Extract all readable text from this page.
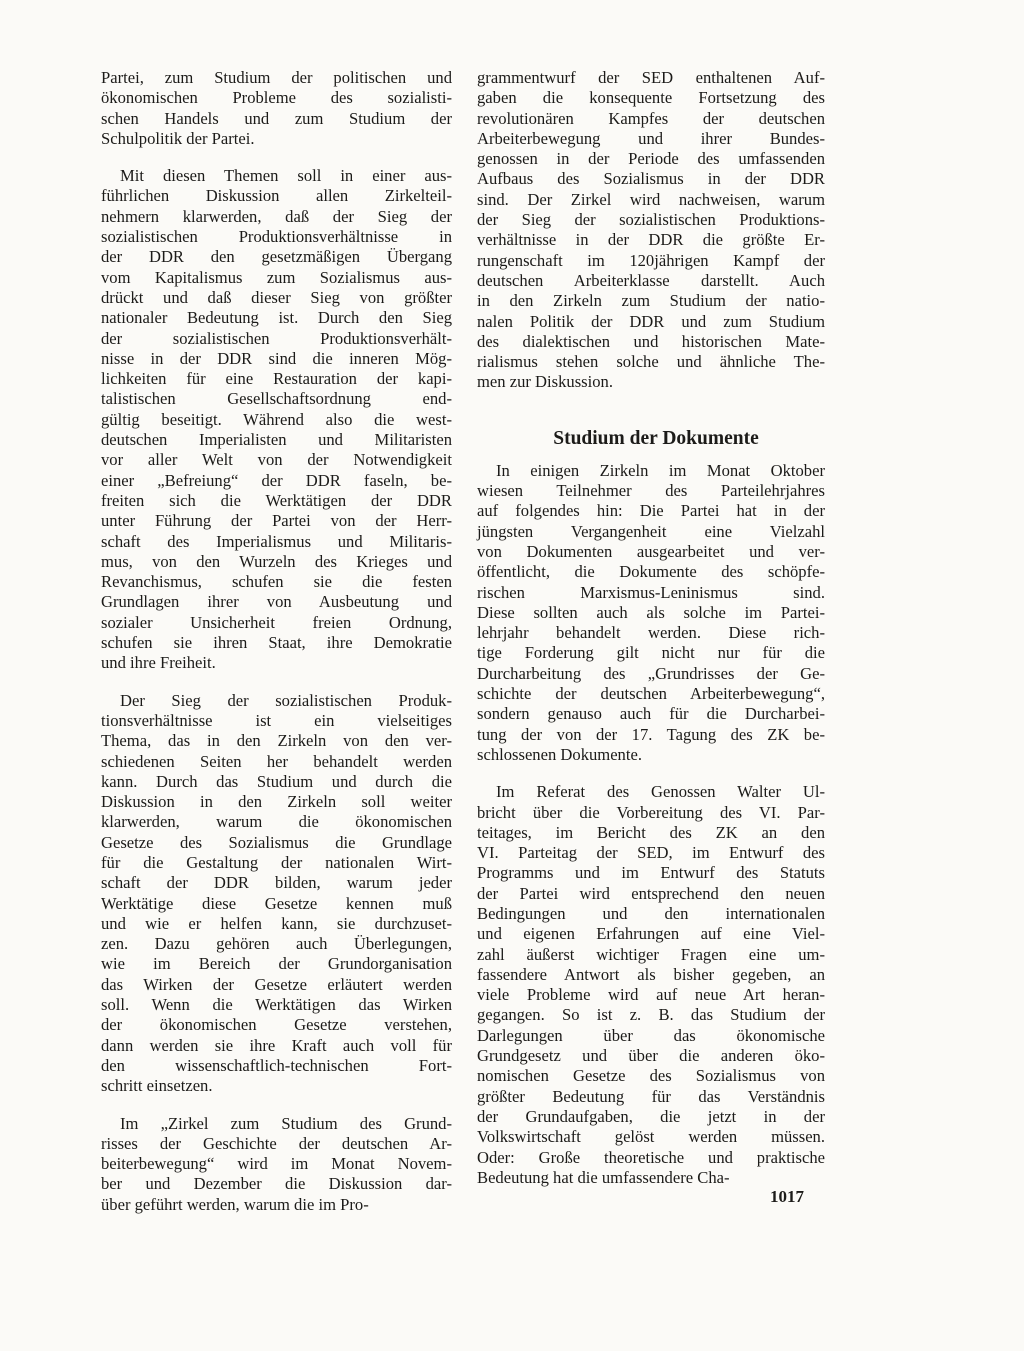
Partei, zum Studium der politischen und
ökonomischen Probleme des sozialisti-
schen Handels und zum Studium der
Schulpolitik der Partei.

Mit diesen Themen soll in einer aus-
führlichen Diskussion allen Zirkelteil-
nehmern klarwerden, daß der Sieg der
sozialistischen Produktionsverhältnisse in
der DDR den gesetzmäßigen Übergang
vom Kapitalismus zum Sozialismus aus-
drückt und daß dieser Sieg von größter
nationaler Bedeutung ist. Durch den Sieg
der sozialistischen Produktionsverhält-
nisse in der DDR sind die inneren Mög-
lichkeiten für eine Restauration der kapi-
talistischen Gesellschaftsordnung end-
gültig beseitigt. Während also die west-
deutschen Imperialisten und Militaristen
vor aller Welt von der Notwendigkeit
einer „Befreiung“ der DDR faseln, be-
freiten sich die Werktätigen der DDR
unter Führung der Partei von der Herr-
schaft des Imperialismus und Militaris-
mus, von den Wurzeln des Krieges und
Revanchismus, schufen sie die festen
Grundlagen ihrer von Ausbeutung und
sozialer Unsicherheit freien Ordnung,
schufen sie ihren Staat, ihre Demokratie
und ihre Freiheit.

Der Sieg der sozialistischen Produk-
tionsverhältnisse ist ein vielseitiges
Thema, das in den Zirkeln von den ver-
schiedenen Seiten her behandelt werden
kann. Durch das Studium und durch die
Diskussion in den Zirkeln soll weiter
klarwerden, warum die ökonomischen
Gesetze des Sozialismus die Grundlage
für die Gestaltung der nationalen Wirt-
schaft der DDR bilden, warum jeder
Werktätige diese Gesetze kennen muß
und wie er helfen kann, sie durchzuset-
zen. Dazu gehören auch Überlegungen,
wie im Bereich der Grundorganisation
das Wirken der Gesetze erläutert werden
soll. Wenn die Werktätigen das Wirken
der ökonomischen Gesetze verstehen,
dann werden sie ihre Kraft auch voll für
den wissenschaftlich-technischen Fort-
schritt einsetzen.

Im „Zirkel zum Studium des Grund-
risses der Geschichte der deutschen Ar-
beiterbewegung“ wird im Monat Novem-
ber und Dezember die Diskussion dar-
über geführt werden, warum die im Pro-

grammentwurf der SED enthaltenen Auf-
gaben die konsequente Fortsetzung des
revolutionären Kampfes der deutschen
Arbeiterbewegung und ihrer Bundes-
genossen in der Periode des umfassenden
Aufbaus des Sozialismus in der DDR
sind. Der Zirkel wird nachweisen, warum
der Sieg der sozialistischen Produktions-
verhältnisse in der DDR die größte Er-
rungenschaft im 120jährigen Kampf der
deutschen Arbeiterklasse darstellt. Auch
in den Zirkeln zum Studium der natio-
nalen Politik der DDR und zum Studium
des dialektischen und historischen Mate-
rialismus stehen solche und ähnliche The-
men zur Diskussion.

Studium der Dokumente

In einigen Zirkeln im Monat Oktober
wiesen Teilnehmer des Parteilehrjahres
auf folgendes hin: Die Partei hat in der
jüngsten Vergangenheit eine Vielzahl
von Dokumenten ausgearbeitet und ver-
öffentlicht, die Dokumente des schöpfe-
rischen Marxismus-Leninismus sind.
Diese sollten auch als solche im Partei-
lehrjahr behandelt werden. Diese rich-
tige Forderung gilt nicht nur für die
Durcharbeitung des „Grundrisses der Ge-
schichte der deutschen Arbeiterbewegung“,
sondern genauso auch für die Durcharbei-
tung der von der 17. Tagung des ZK be-
schlossenen Dokumente.

Im Referat des Genossen Walter Ul-
bricht über die Vorbereitung des VI. Par-
teitages, im Bericht des ZK an den
VI. Parteitag der SED, im Entwurf des
Programms und im Entwurf des Statuts
der Partei wird entsprechend den neuen
Bedingungen und den internationalen
und eigenen Erfahrungen auf eine Viel-
zahl äußerst wichtiger Fragen eine um-
fassendere Antwort als bisher gegeben, an
viele Probleme wird auf neue Art heran-
gegangen. So ist z. B. das Studium der
Darlegungen über das ökonomische
Grundgesetz und über die anderen öko-
nomischen Gesetze des Sozialismus von
größter Bedeutung für das Verständnis
der Grundaufgaben, die jetzt in der
Volkswirtschaft gelöst werden müssen.
Oder: Große theoretische und praktische
Bedeutung hat die umfassendere Cha-

1017
